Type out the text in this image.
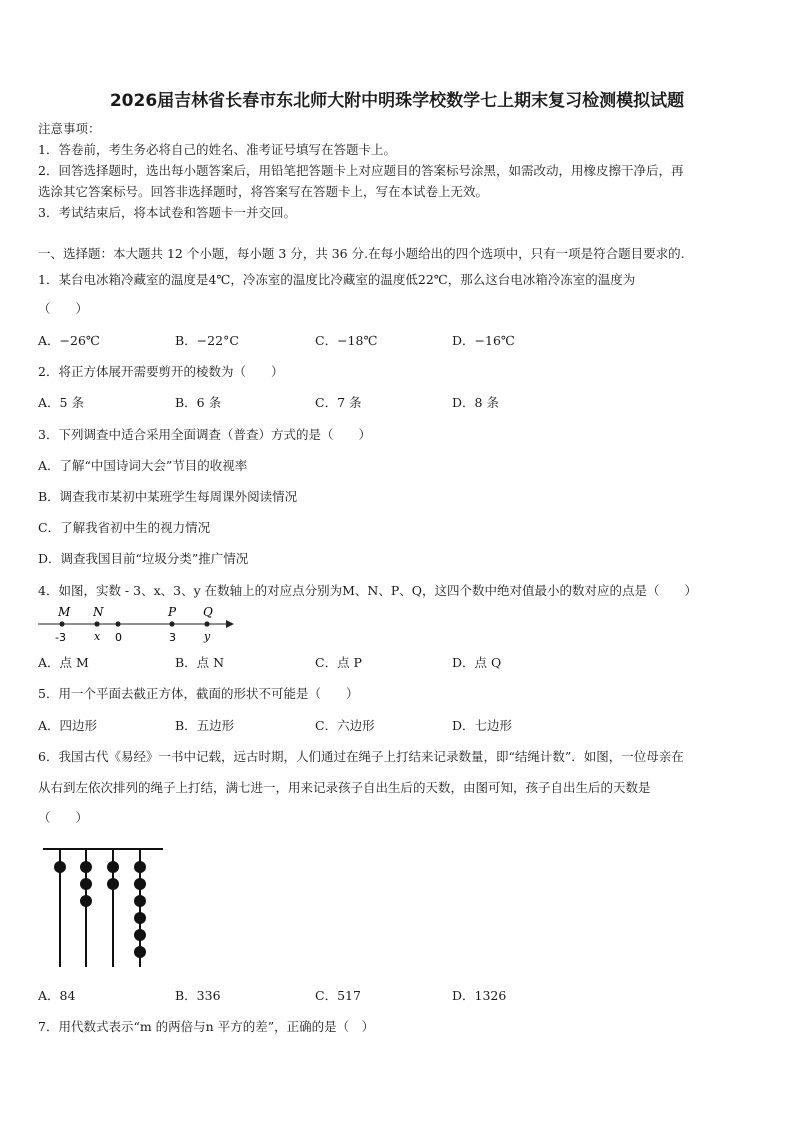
2026届吉林省长春市东北师大附中明珠学校数学七上期末复习检测模拟试题
注意事项：
1．答卷前，考生务必将自己的姓名、准考证号填写在答题卡上。
2．回答选择题时，选出每小题答案后，用铅笔把答题卡上对应题目的答案标号涂黑，如需改动，用橡皮擦干净后，再
选涂其它答案标号。回答非选择题时，将答案写在答题卡上，写在本试卷上无效。
3．考试结束后，将本试卷和答题卡一并交回。
一、选择题：本大题共 12 个小题，每小题 3 分，共 36 分.在每小题给出的四个选项中，只有一项是符合题目要求的.
1．某台电冰箱冷藏室的温度是4℃，冷冻室的温度比冷藏室的温度低22℃，那么这台电冰箱冷冻室的温度为
（　　）
A．−26℃	B．−22°C	C．−18℃	D．−16℃
2．将正方体展开需要剪开的棱数为（　　）
A．5 条	B．6 条	C．7 条	D．8 条
3．下列调查中适合采用全面调查（普查）方式的是（　　）
A．了解“中国诗词大会”节目的收视率
B．调查我市某初中某班学生每周课外阅读情况
C．了解我省初中生的视力情况
D．调查我国目前“垃圾分类”推广情况
4．如图，实数 - 3、x、3、y 在数轴上的对应点分别为M、N、P、Q，这四个数中绝对值最小的数对应的点是（　　）
M N	P Q
-3	x 0	3	y
A．点 M	B．点 N	C．点 P	D．点 Q
5．用一个平面去截正方体，截面的形状不可能是（　　）
A．四边形	B．五边形	C．六边形	D．七边形
6．我国古代《易经》一书中记载，远古时期，人们通过在绳子上打结来记录数量，即“结绳计数”．如图，一位母亲在
从右到左依次排列的绳子上打结，满七进一，用来记录孩子自出生后的天数，由图可知，孩子自出生后的天数是
（　　）
A．84	B．336	C．517	D．1326
7．用代数式表示“m 的两倍与n 平方的差”，正确的是（　）
